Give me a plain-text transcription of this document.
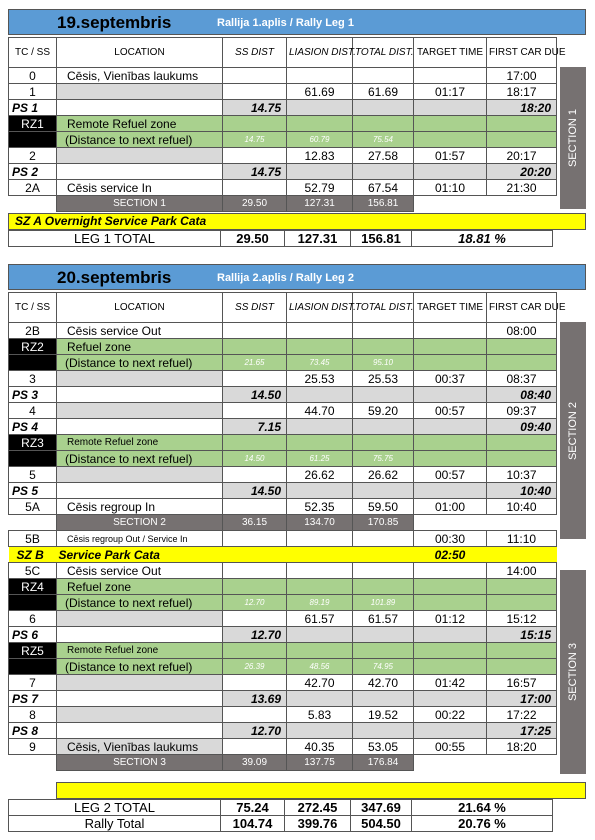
19.septembris	Rallija 1.aplis / Rally Leg 1
TC / SS	LOCATION	SS DIST	LIASION DIST.	TOTAL DIST.	TARGET TIME	FIRST CAR DUE
0	Cēsis, Vienības laukums					17:00
1			61.69	61.69	01:17	18:17
PS 1		14.75				18:20
RZ1	Remote Refuel zone					
	(Distance to next refuel)	14.75	60.79	75.54		
2			12.83	27.58	01:57	20:17
PS 2		14.75				20:20
2A	Cēsis service In		52.79	67.54	01:10	21:30
	SECTION 1	29.50	127.31	156.81		
SECTION 1
SZ A Overnight Service Park Cata
LEG 1 TOTAL	29.50	127.31	156.81	18.81 %
20.septembris	Rallija 2.aplis / Rally Leg 2
TC / SS	LOCATION	SS DIST	LIASION DIST.	TOTAL DIST.	TARGET TIME	FIRST CAR DUE
2B	Cēsis service Out					08:00
RZ2	Refuel zone					
	(Distance to next refuel)	21.65	73.45	95.10		
3			25.53	25.53	00:37	08:37
PS 3		14.50				08:40
4			44.70	59.20	00:57	09:37
PS 4		7.15				09:40
RZ3	Remote Refuel zone					
	(Distance to next refuel)	14.50	61.25	75.75		
5			26.62	26.62	00:57	10:37
PS 5		14.50				10:40
5A	Cēsis regroup In		52.35	59.50	01:00	10:40
	SECTION 2	36.15	134.70	170.85		
5B	Cēsis regroup Out / Service In				00:30	11:10
SZ B	Service Park Cata				02:50	
5C	Cēsis service Out					14:00
RZ4	Refuel zone					
	(Distance to next refuel)	12.70	89.19	101.89		
6			61.57	61.57	01:12	15:12
PS 6		12.70				15:15
RZ5	Remote Refuel zone					
	(Distance to next refuel)	26.39	48.56	74.95		
7			42.70	42.70	01:42	16:57
PS 7		13.69				17:00
8			5.83	19.52	00:22	17:22
PS 8		12.70				17:25
9	Cēsis, Vienības laukums		40.35	53.05	00:55	18:20
	SECTION 3	39.09	137.75	176.84		
SECTION 2
SECTION 3
LEG 2 TOTAL	75.24	272.45	347.69	21.64 %
Rally Total	104.74	399.76	504.50	20.76 %
